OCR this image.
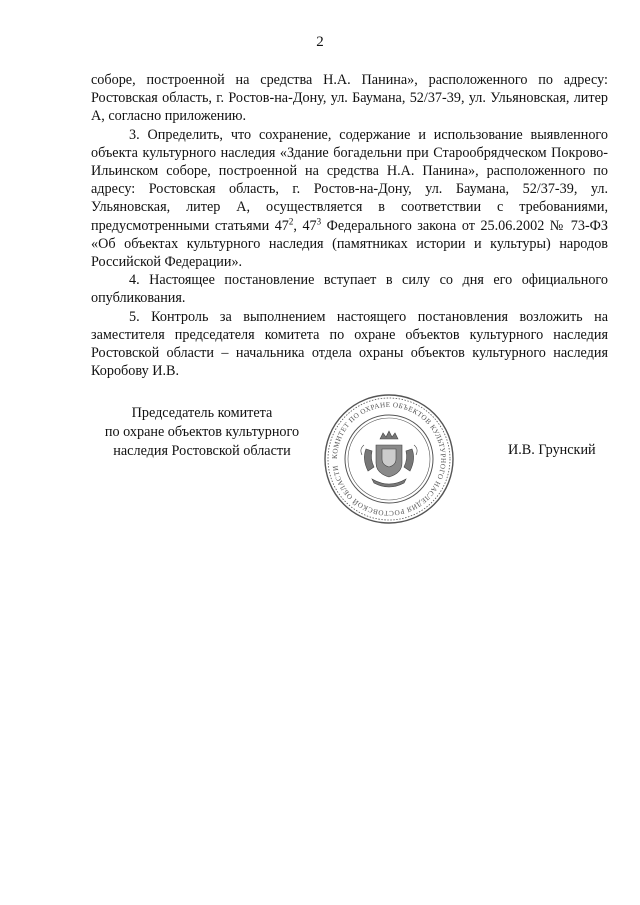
2

соборе, построенной на средства Н.А. Панина», расположенного по адресу: Ростовская область, г. Ростов-на-Дону, ул. Баумана, 52/37-39, ул. Ульяновская, литер А, согласно приложению.

3. Определить, что сохранение, содержание и использование выявленного объекта культурного наследия «Здание богадельни при Старообрядческом Покрово-Ильинском соборе, построенной на средства Н.А. Панина», расположенного по адресу: Ростовская область, г. Ростов-на-Дону, ул. Баумана, 52/37-39, ул. Ульяновская, литер А, осуществляется в соответствии с требованиями, предусмотренными статьями $47^2$, $47^3$ Федерального закона от 25.06.2002 № 73-ФЗ «Об объектах культурного наследия (памятниках истории и культуры) народов Российской Федерации».

4. Настоящее постановление вступает в силу со дня его официального опубликования.

5. Контроль за выполнением настоящего постановления возложить на заместителя председателя комитета по охране объектов культурного наследия Ростовской области – начальника отдела охраны объектов культурного наследия Коробову И.В.

Председатель комитета
по охране объектов культурного
наследия Ростовской области	КОМИТЕТ ПО ОХРАНЕ ОБЪЕКТОВ КУЛЬТУРНОГО НАСЛЕДИЯ РОСТОВСКОЙ ОБЛАСТИ
И.В. Грунский
